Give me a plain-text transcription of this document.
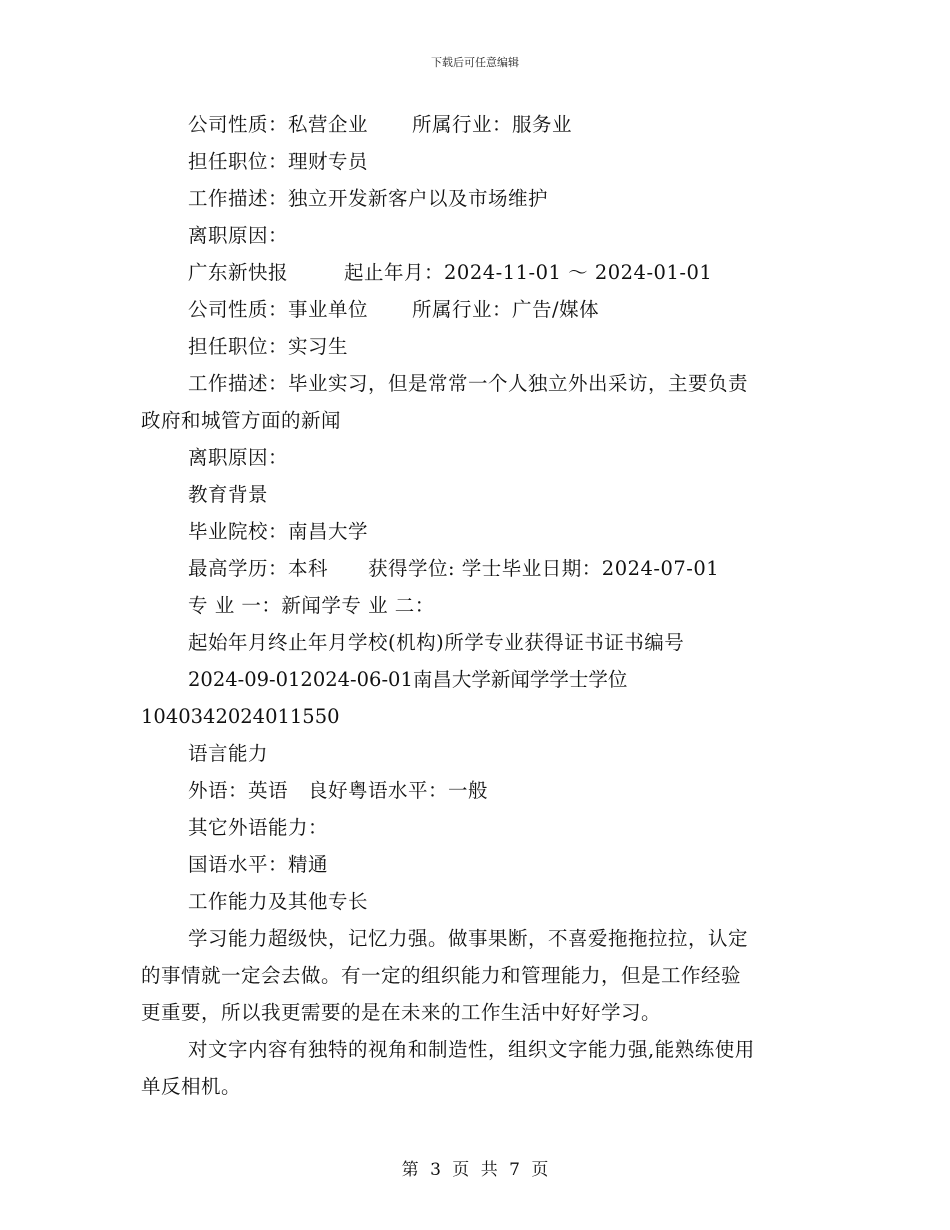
下载后可任意编辑
公司性质：私营企业 所属行业：服务业
担任职位：理财专员
工作描述：独立开发新客户以及市场维护
离职原因：
广东新快报	起止年月：2024-11-01 ～ 2024-01-01
公司性质：事业单位 所属行业：广告/媒体
担任职位：实习生
工作描述：毕业实习，但是常常一个人独立外出采访，主要负责
政府和城管方面的新闻
离职原因：
教育背景
毕业院校：南昌大学
最高学历：本科 获得学位: 学士毕业日期：2024-07-01
专 业 一：新闻学专 业 二：
起始年月终止年月学校(机构)所学专业获得证书证书编号
2024-09-012024-06-01南昌大学新闻学学士学位
1040342024011550
语言能力
外语：英语　良好粤语水平：一般
其它外语能力：
国语水平：精通
工作能力及其他专长
学习能力超级快，记忆力强。做事果断，不喜爱拖拖拉拉，认定
的事情就一定会去做。有一定的组织能力和管理能力，但是工作经验
更重要，所以我更需要的是在未来的工作生活中好好学习。
对文字内容有独特的视角和制造性，组织文字能力强,能熟练使用
单反相机。
第 3 页 共 7 页
